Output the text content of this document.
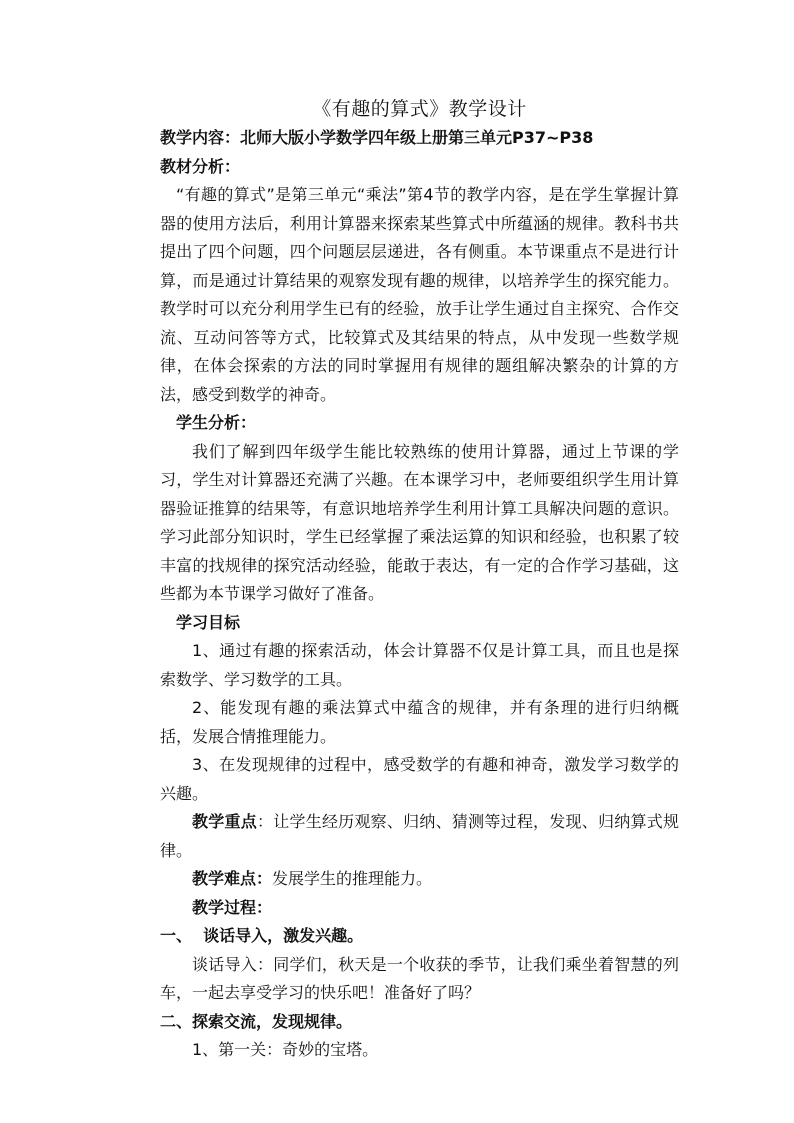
《有趣的算式》教学设计

教学内容：北师大版小学数学四年级上册第三单元P37~P38

教材分析：

“有趣的算式”是第三单元“乘法”第4节的教学内容，是在学生掌握计算器的使用方法后，利用计算器来探索某些算式中所蕴涵的规律。教科书共提出了四个问题，四个问题层层递进，各有侧重。本节课重点不是进行计算，而是通过计算结果的观察发现有趣的规律，以培养学生的探究能力。教学时可以充分利用学生已有的经验，放手让学生通过自主探究、合作交流、互动问答等方式，比较算式及其结果的特点，从中发现一些数学规律，在体会探索的方法的同时掌握用有规律的题组解决繁杂的计算的方法，感受到数学的神奇。

学生分析：

我们了解到四年级学生能比较熟练的使用计算器，通过上节课的学习，学生对计算器还充满了兴趣。在本课学习中，老师要组织学生用计算器验证推算的结果等，有意识地培养学生利用计算工具解决问题的意识。学习此部分知识时，学生已经掌握了乘法运算的知识和经验，也积累了较丰富的找规律的探究活动经验，能敢于表达，有一定的合作学习基础，这些都为本节课学习做好了准备。

学习目标

1、通过有趣的探索活动，体会计算器不仅是计算工具，而且也是探索数学、学习数学的工具。

2、能发现有趣的乘法算式中蕴含的规律，并有条理的进行归纳概括，发展合情推理能力。

3、在发现规律的过程中，感受数学的有趣和神奇，激发学习数学的兴趣。

教学重点：让学生经历观察、归纳、猜测等过程，发现、归纳算式规律。

教学难点：发展学生的推理能力。

教学过程：

一、  谈话导入，激发兴趣。

谈话导入：同学们，秋天是一个收获的季节，让我们乘坐着智慧的列车，一起去享受学习的快乐吧！准备好了吗？

二、探索交流，发现规律。

1、第一关：奇妙的宝塔。
